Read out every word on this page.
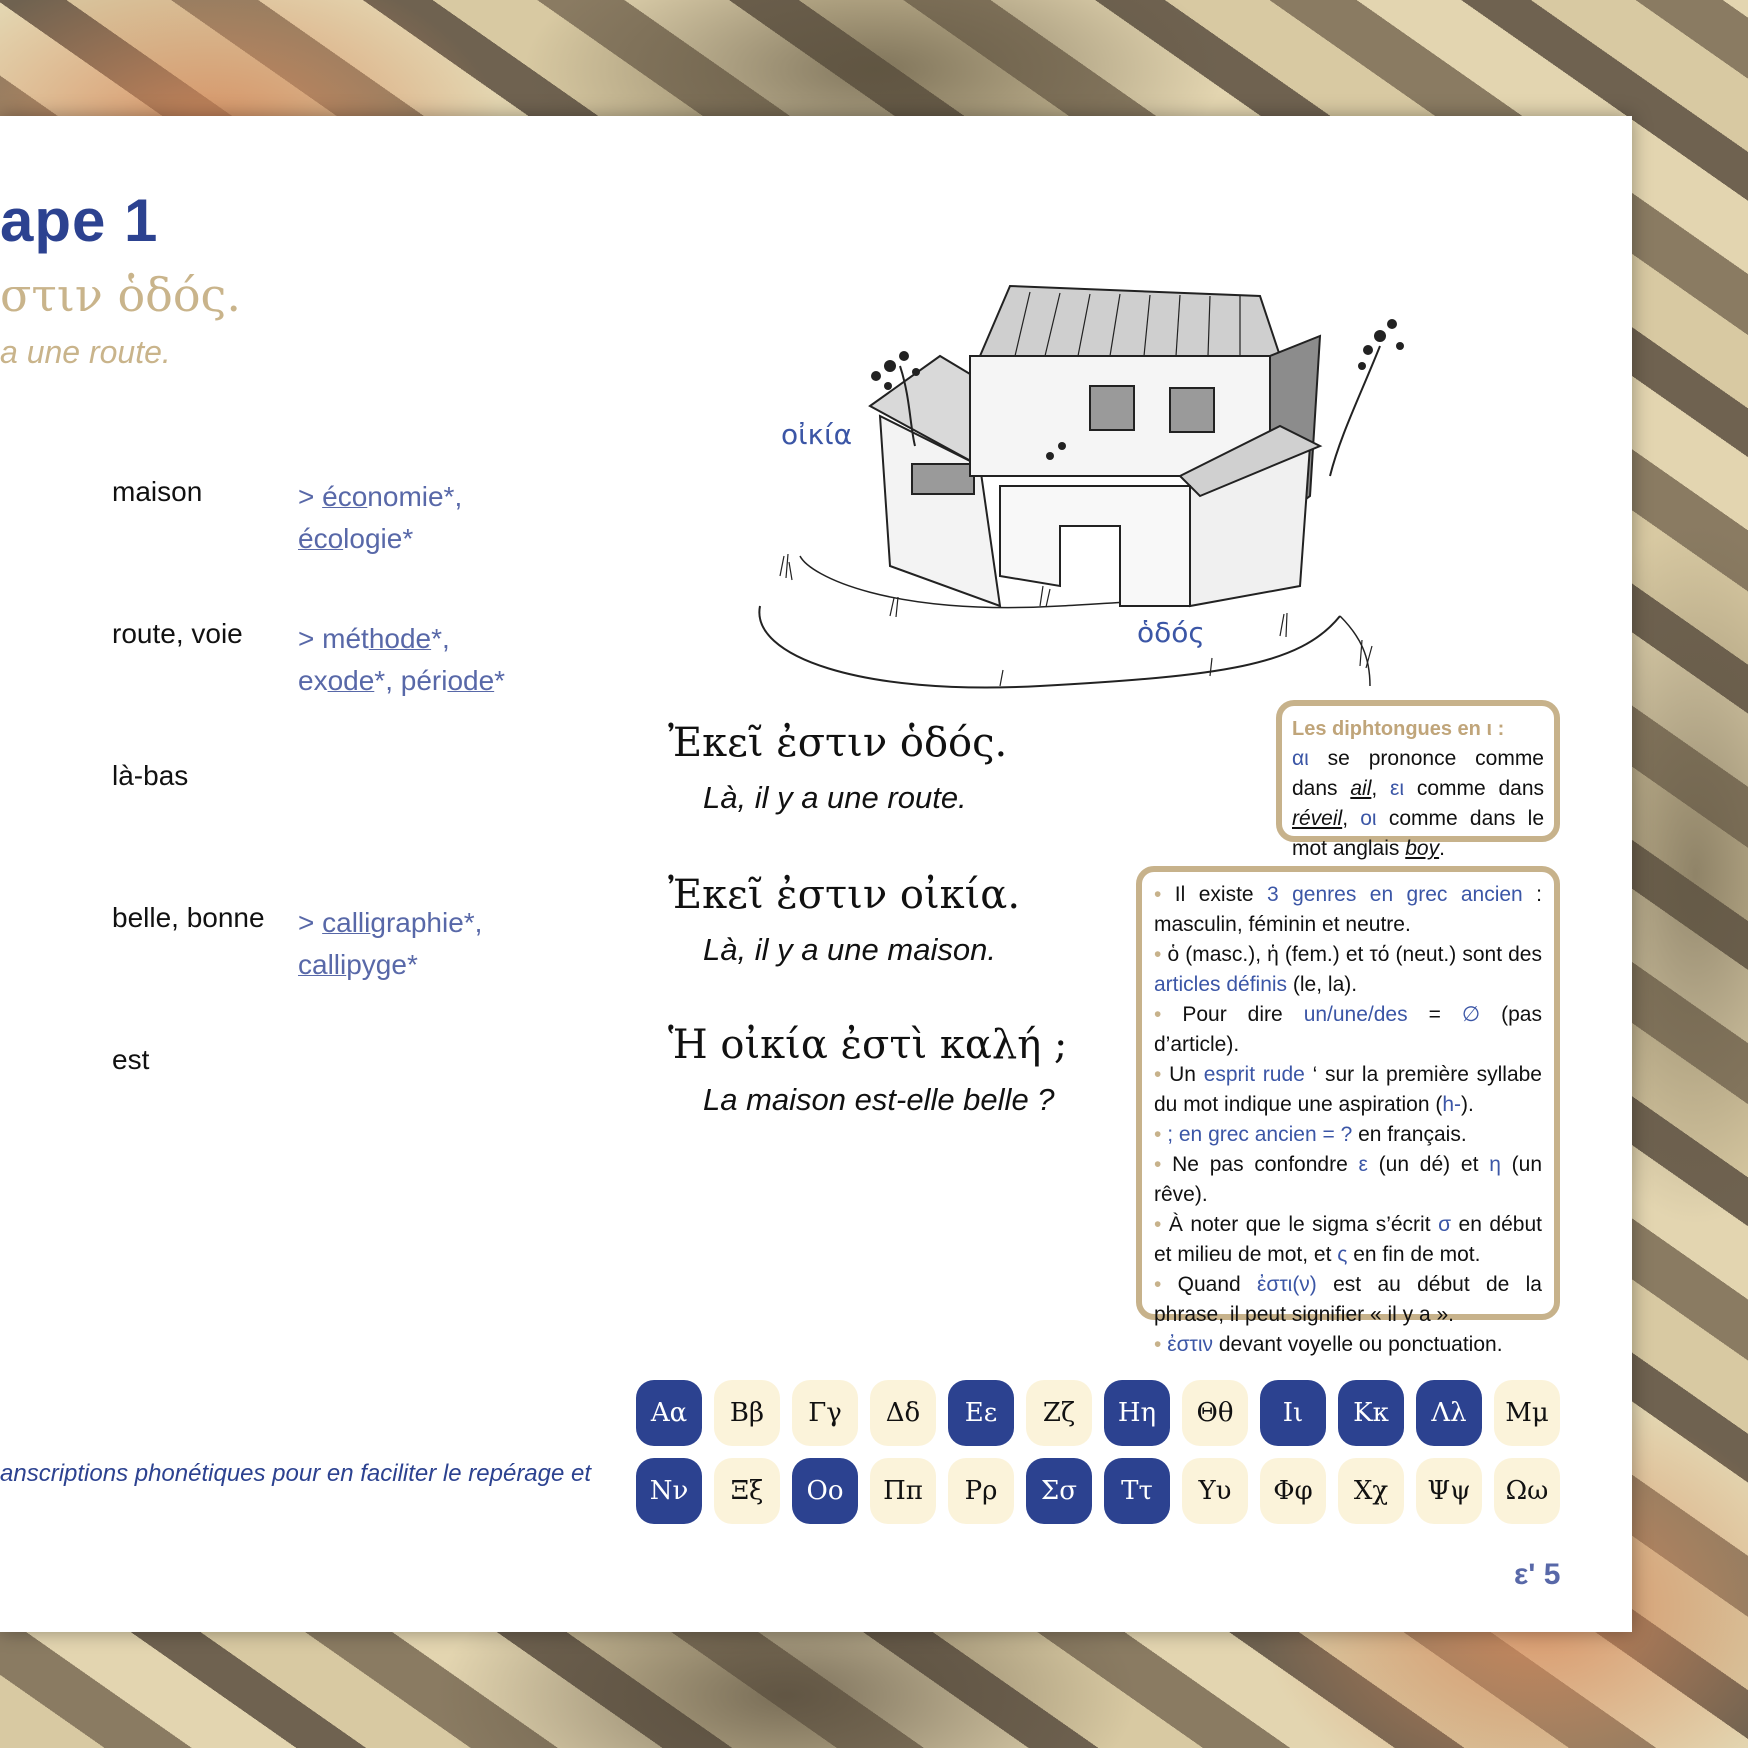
ape 1
στιν ὁδός.
a une route.
maison	> économie*, écologie*
route, voie > méthode*, exode*, période*
là-bas
belle, bonne > calligraphie*, callipyge*
est
anscriptions phonétiques pour en faciliter le repérage et
οἰκία
ὁδός
Ἐκεῖ ἐστιν ὁδός.
Là, il y a une route.
Ἐκεῖ ἐστιν οἰκία.
Là, il y a une maison.
Ἡ οἰκία ἐστὶ καλή ;
La maison est-elle belle ?
Les diphtongues en ι :

αι se prononce comme dans ail, ει comme dans réveil, οι comme dans le mot anglais boy.

• Il existe 3 genres en grec ancien : masculin, féminin et neutre.

• ὁ (masc.), ἡ (fem.) et τό (neut.) sont des articles définis (le, la).

• Pour dire un/une/des = ∅ (pas d’article).

• Un esprit rude ‘ sur la première syllabe du mot indique une aspiration (h-).

• ; en grec ancien = ? en français.

• Ne pas confondre ε (un dé) et η (un rêve).

• À noter que le sigma s’écrit σ en début et milieu de mot, et ς en fin de mot.

• Quand ἐστι(ν) est au début de la phrase, il peut signifier « il y a ».

• ἐστιν devant voyelle ou ponctuation.

Αα	Ββ	Γγ	Δδ	Εε	Ζζ	Ηη	Θθ	Ιι	Κκ	Λλ	Μμ
Νν	Ξξ	Οο	Ππ	Ρρ	Σσ	Ττ	Υυ	Φφ	Χχ	Ψψ	Ωω
εʹ 5
